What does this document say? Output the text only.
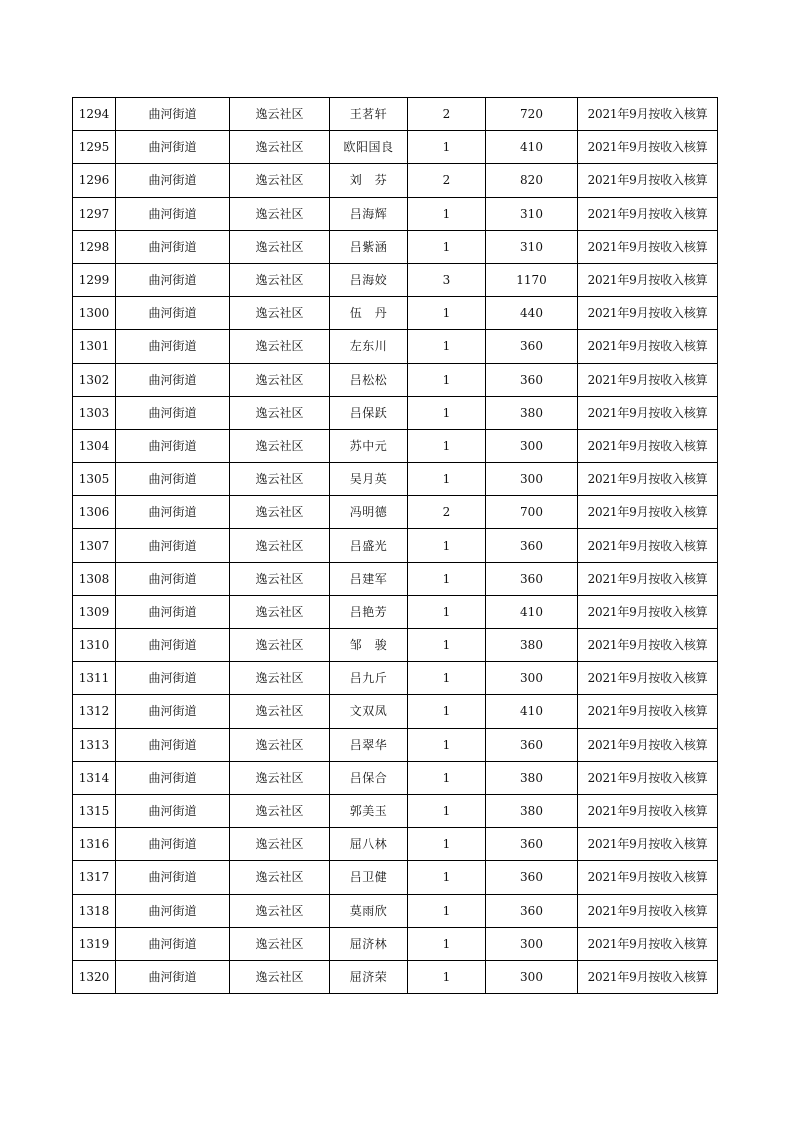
1294	曲河街道	逸云社区	王茗轩	2	720	2021年9月按收入核算
1295	曲河街道	逸云社区	欧阳国良	1	410	2021年9月按收入核算
1296	曲河街道	逸云社区	刘　芬	2	820	2021年9月按收入核算
1297	曲河街道	逸云社区	吕海辉	1	310	2021年9月按收入核算
1298	曲河街道	逸云社区	吕紫涵	1	310	2021年9月按收入核算
1299	曲河街道	逸云社区	吕海姣	3	1170	2021年9月按收入核算
1300	曲河街道	逸云社区	伍　丹	1	440	2021年9月按收入核算
1301	曲河街道	逸云社区	左东川	1	360	2021年9月按收入核算
1302	曲河街道	逸云社区	吕松松	1	360	2021年9月按收入核算
1303	曲河街道	逸云社区	吕保跃	1	380	2021年9月按收入核算
1304	曲河街道	逸云社区	苏中元	1	300	2021年9月按收入核算
1305	曲河街道	逸云社区	吴月英	1	300	2021年9月按收入核算
1306	曲河街道	逸云社区	冯明德	2	700	2021年9月按收入核算
1307	曲河街道	逸云社区	吕盛光	1	360	2021年9月按收入核算
1308	曲河街道	逸云社区	吕建军	1	360	2021年9月按收入核算
1309	曲河街道	逸云社区	吕艳芳	1	410	2021年9月按收入核算
1310	曲河街道	逸云社区	邹　骏	1	380	2021年9月按收入核算
1311	曲河街道	逸云社区	吕九斤	1	300	2021年9月按收入核算
1312	曲河街道	逸云社区	文双凤	1	410	2021年9月按收入核算
1313	曲河街道	逸云社区	吕翠华	1	360	2021年9月按收入核算
1314	曲河街道	逸云社区	吕保合	1	380	2021年9月按收入核算
1315	曲河街道	逸云社区	郭美玉	1	380	2021年9月按收入核算
1316	曲河街道	逸云社区	屈八林	1	360	2021年9月按收入核算
1317	曲河街道	逸云社区	吕卫健	1	360	2021年9月按收入核算
1318	曲河街道	逸云社区	莫雨欣	1	360	2021年9月按收入核算
1319	曲河街道	逸云社区	屈济林	1	300	2021年9月按收入核算
1320	曲河街道	逸云社区	屈济荣	1	300	2021年9月按收入核算
